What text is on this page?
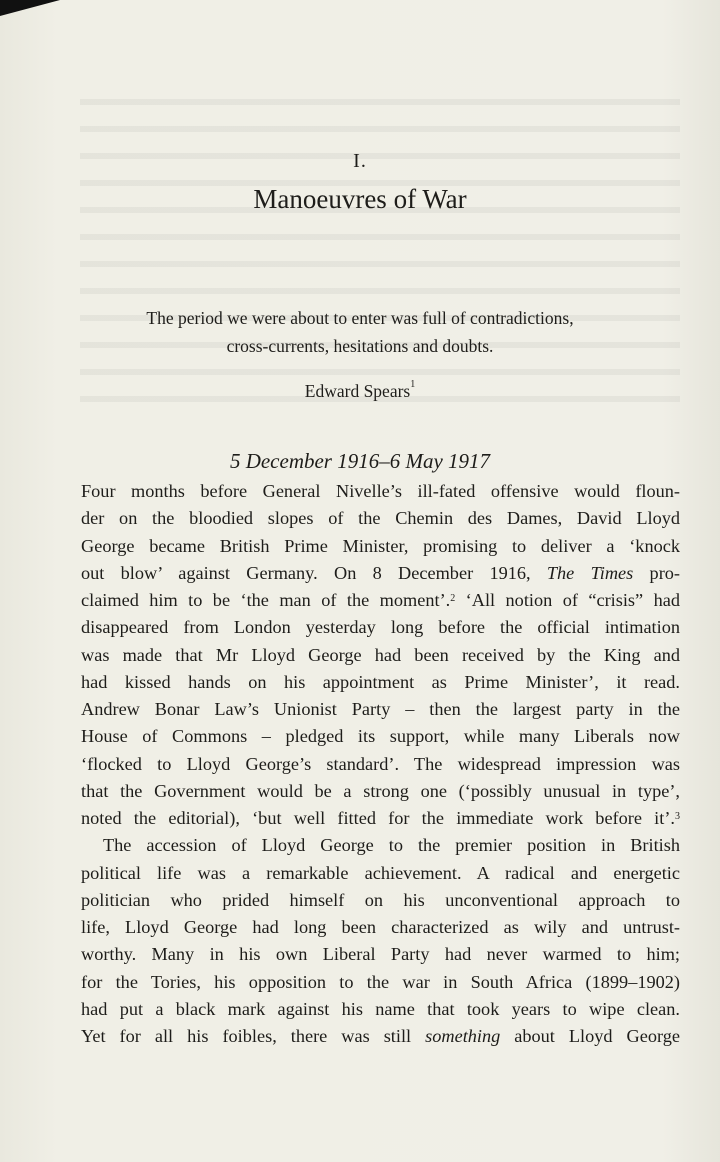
I.
Manoeuvres of War
The period we were about to enter was full of contradictions,
cross-currents, hesitations and doubts.
Edward Spears$^1$
5 December 1916–6 May 1917
Four months before General Nivelle’s ill-fated offensive would floun-
der on the bloodied slopes of the Chemin des Dames, David Lloyd
George became British Prime Minister, promising to deliver a ‘knock
out blow’ against Germany. On 8 December 1916, The Times pro-
claimed him to be ‘the man of the moment’.$^2$ ‘All notion of “crisis” had
disappeared from London yesterday long before the official intimation
was made that Mr Lloyd George had been received by the King and
had kissed hands on his appointment as Prime Minister’, it read.
Andrew Bonar Law’s Unionist Party – then the largest party in the
House of Commons – pledged its support, while many Liberals now
‘flocked to Lloyd George’s standard’. The widespread impression was
that the Government would be a strong one (‘possibly unusual in type’,
noted the editorial), ‘but well fitted for the immediate work before it’.$^3$
The accession of Lloyd George to the premier position in British
political life was a remarkable achievement. A radical and energetic
politician who prided himself on his unconventional approach to
life, Lloyd George had long been characterized as wily and untrust-
worthy. Many in his own Liberal Party had never warmed to him;
for the Tories, his opposition to the war in South Africa (1899–1902)
had put a black mark against his name that took years to wipe clean.
Yet for all his foibles, there was still something about Lloyd George
